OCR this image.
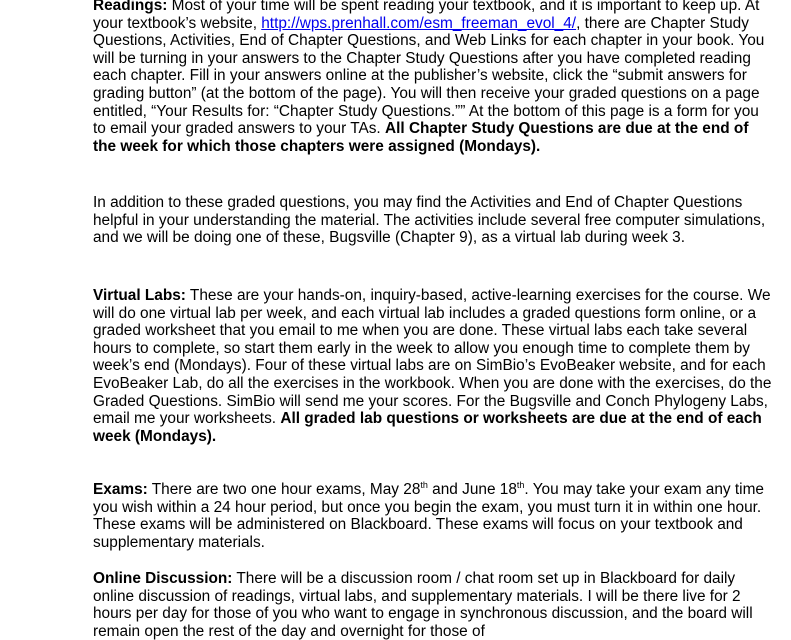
Readings: Most of your time will be spent reading your textbook, and it is important to keep up. At your textbook’s website, http://wps.prenhall.com/esm_freeman_evol_4/, there are Chapter Study Questions, Activities, End of Chapter Questions, and Web Links for each chapter in your book. You will be turning in your answers to the Chapter Study Questions after you have completed reading each chapter. Fill in your answers online at the publisher’s website, click the “submit answers for grading button” (at the bottom of the page). You will then receive your graded questions on a page entitled, “Your Results for: “Chapter Study Questions.”” At the bottom of this page is a form for you to email your graded answers to your TAs. All Chapter Study Questions are due at the end of the week for which those chapters were assigned (Mondays).

In addition to these graded questions, you may find the Activities and End of Chapter Questions helpful in your understanding the material. The activities include several free computer simulations, and we will be doing one of these, Bugsville (Chapter 9), as a virtual lab during week 3.

Virtual Labs: These are your hands-on, inquiry-based, active-learning exercises for the course. We will do one virtual lab per week, and each virtual lab includes a graded questions form online, or a graded worksheet that you email to me when you are done. These virtual labs each take several hours to complete, so start them early in the week to allow you enough time to complete them by week’s end (Mondays). Four of these virtual labs are on SimBio’s EvoBeaker website, and for each EvoBeaker Lab, do all the exercises in the workbook. When you are done with the exercises, do the Graded Questions. SimBio will send me your scores. For the Bugsville and Conch Phylogeny Labs, email me your worksheets. All graded lab questions or worksheets are due at the end of each week (Mondays).

Exams: There are two one hour exams, May 28th and June 18th. You may take your exam any time you wish within a 24 hour period, but once you begin the exam, you must turn it in within one hour. These exams will be administered on Blackboard. These exams will focus on your textbook and supplementary materials.

Online Discussion: There will be a discussion room / chat room set up in Blackboard for daily online discussion of readings, virtual labs, and supplementary materials. I will be there live for 2 hours per day for those of you who want to engage in synchronous discussion, and the board will remain open the rest of the day and overnight for those of
